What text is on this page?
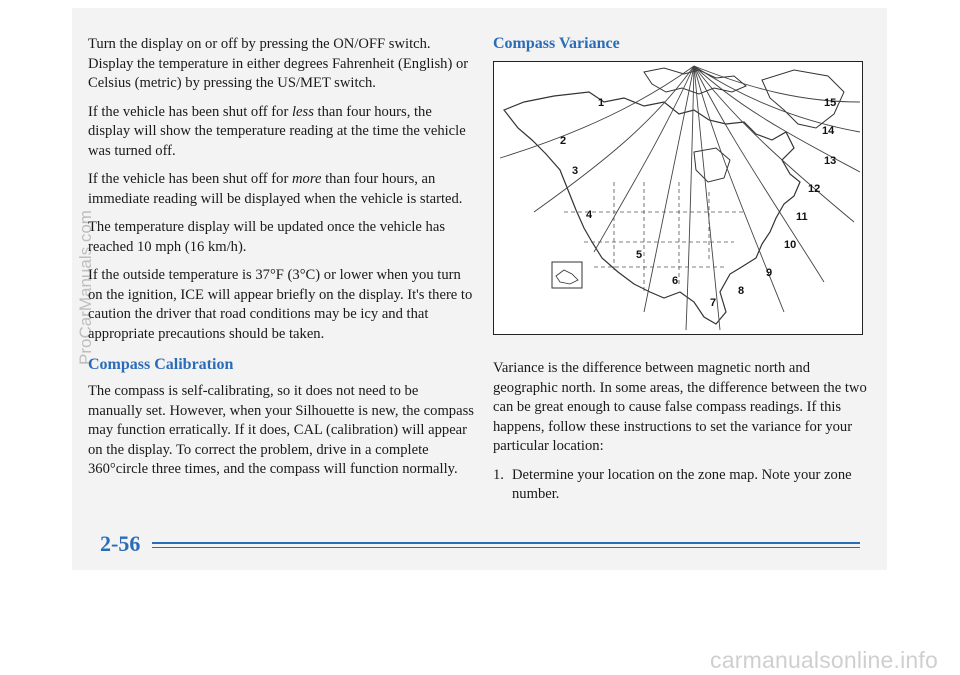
ProCarManuals.com

Turn the display on or off by pressing the ON/OFF switch. Display the temperature in either degrees Fahrenheit (English) or Celsius (metric) by pressing the US/MET switch.

If the vehicle has been shut off for less than four hours, the display will show the temperature reading at the time the vehicle was turned off.

If the vehicle has been shut off for more than four hours, an immediate reading will be displayed when the vehicle is started.

The temperature display will be updated once the vehicle has reached 10 mph (16 km/h).

If the outside temperature is 37°F (3°C) or lower when you turn on the ignition, ICE will appear briefly on the display. It's there to caution the driver that road conditions may be icy and that appropriate precautions should be taken.

Compass Calibration

The compass is self-calibrating, so it does not need to be manually set. However, when your Silhouette is new, the compass may function erratically. If it does, CAL (calibration) will appear on the display. To correct the problem, drive in a complete 360°circle three times, and the compass will function normally.

Compass Variance
1
2
3
4
5
6
7
8
9
10
11
12
13
14
15

Variance is the difference between magnetic north and geographic north. In some areas, the difference between the two can be great enough to cause false compass readings. If this happens, follow these instructions to set the variance for your particular location:

1. Determine your location on the zone map. Note your zone number.
2-56
carmanualsonline.info
